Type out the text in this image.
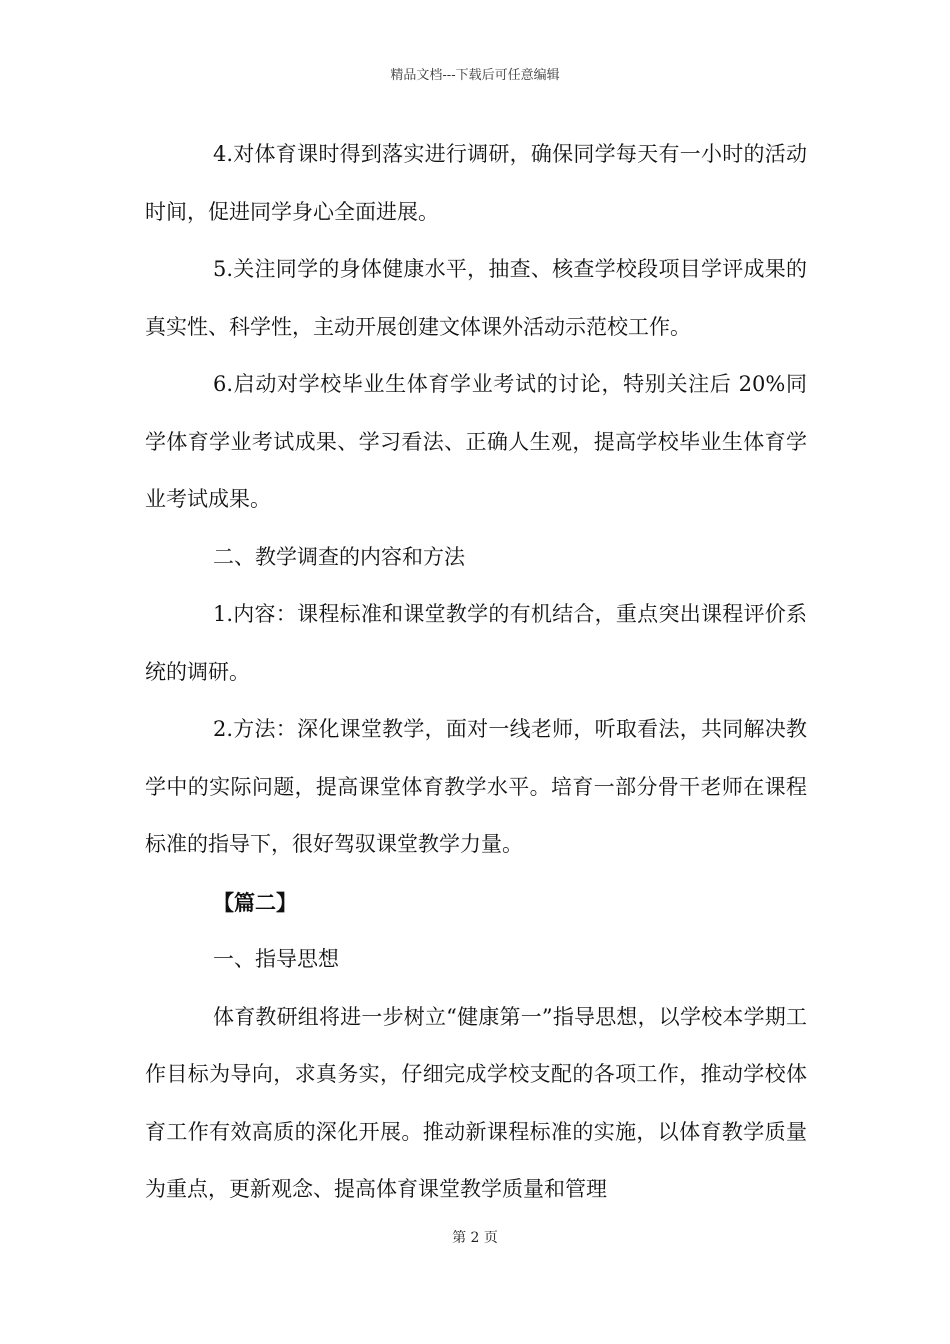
精品文档---下载后可任意编辑

4.对体育课时得到落实进行调研，确保同学每天有一小时的活动时间，促进同学身心全面进展。

5.关注同学的身体健康水平，抽查、核查学校段项目学评成果的真实性、科学性，主动开展创建文体课外活动示范校工作。

6.启动对学校毕业生体育学业考试的讨论，特别关注后 20%同学体育学业考试成果、学习看法、正确人生观，提高学校毕业生体育学业考试成果。

二、教学调查的内容和方法

1.内容：课程标准和课堂教学的有机结合，重点突出课程评价系统的调研。

2.方法：深化课堂教学，面对一线老师，听取看法，共同解决教学中的实际问题，提高课堂体育教学水平。培育一部分骨干老师在课程标准的指导下，很好驾驭课堂教学力量。

【篇二】

一、指导思想

体育教研组将进一步树立“健康第一”指导思想，以学校本学期工作目标为导向，求真务实，仔细完成学校支配的各项工作，推动学校体育工作有效高质的深化开展。推动新课程标准的实施，以体育教学质量为重点，更新观念、提高体育课堂教学质量和管理

第 2 页
